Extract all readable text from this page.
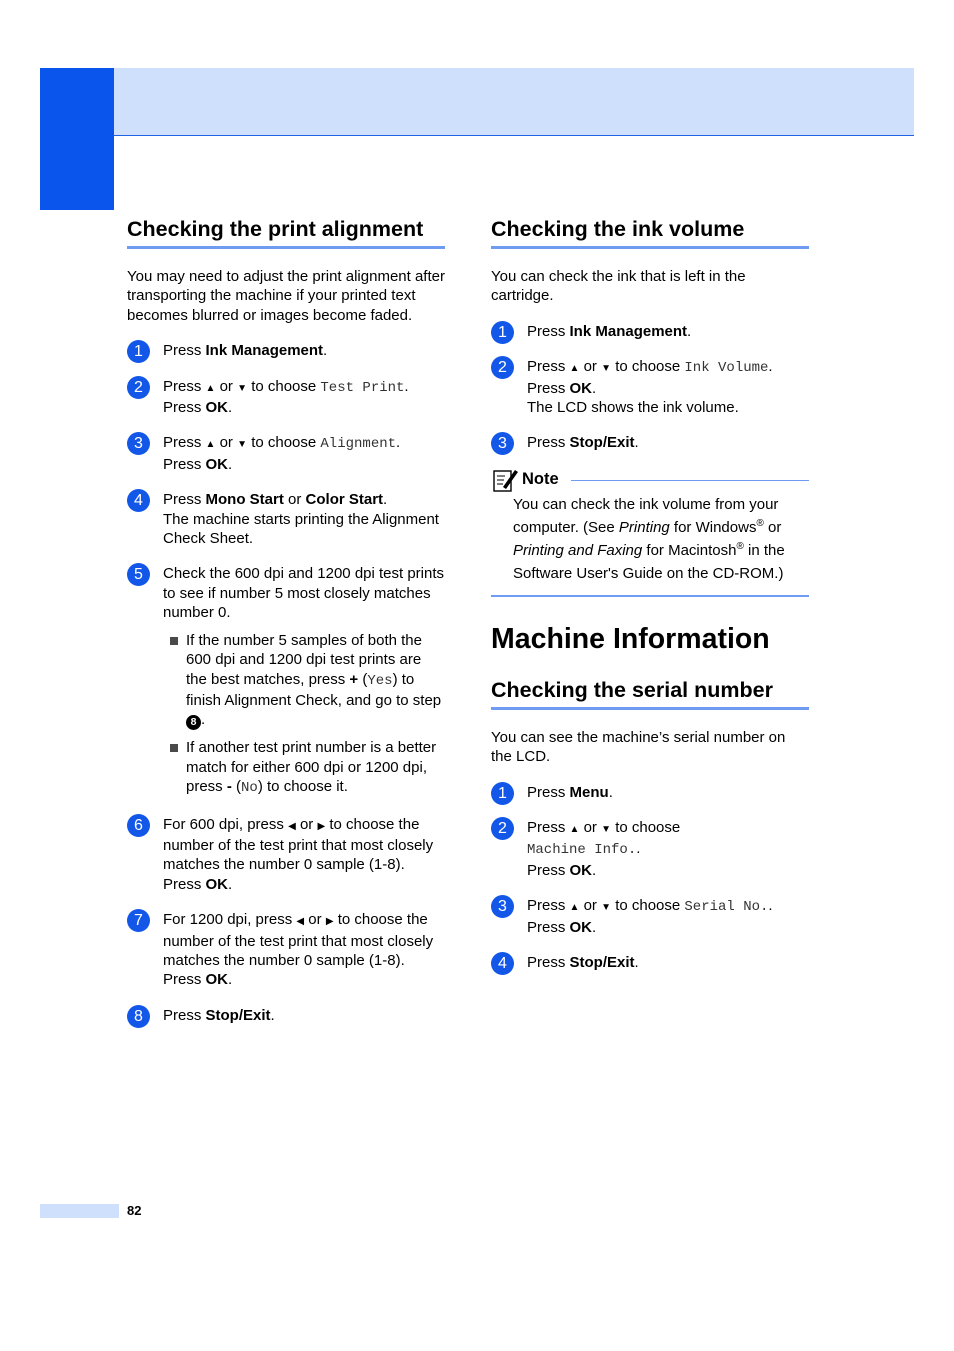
Checking the print alignment

You may need to adjust the print alignment after transporting the machine if your printed text becomes blurred or images become faded.

1	Press Ink Management.
2	Press ▲ or ▼ to choose Test Print.
Press OK.
3	Press ▲ or ▼ to choose Alignment.
Press OK.
4	Press Mono Start or Color Start.
The machine starts printing the Alignment Check Sheet.
5	Check the 600 dpi and 1200 dpi test prints to see if number 5 most closely matches number 0.
If the number 5 samples of both the 600 dpi and 1200 dpi test prints are the best matches, press + (Yes) to finish Alignment Check, and go to step 8 .
If another test print number is a better match for either 600 dpi or 1200 dpi, press - (No) to choose it.
6	For 600 dpi, press ◀ or ▶ to choose the number of the test print that most closely matches the number 0 sample (1-8).
Press OK.
7	For 1200 dpi, press ◀ or ▶ to choose the number of the test print that most closely matches the number 0 sample (1-8).
Press OK.
8	Press Stop/Exit.
Checking the ink volume

You can check the ink that is left in the cartridge.

1	Press Ink Management.
2	Press ▲ or ▼ to choose Ink Volume.
Press OK.
The LCD shows the ink volume.
3	Press Stop/Exit.
Note
You can check the ink volume from your computer. (See Printing for Windows® or Printing and Faxing for Macintosh® in the Software User's Guide on the CD-ROM.)
Machine Information
Checking the serial number

You can see the machine’s serial number on the LCD.

1	Press Menu.
2	Press ▲ or ▼ to choose
Machine Info..
Press OK.
3	Press ▲ or ▼ to choose Serial No..
Press OK.
4	Press Stop/Exit.
82
